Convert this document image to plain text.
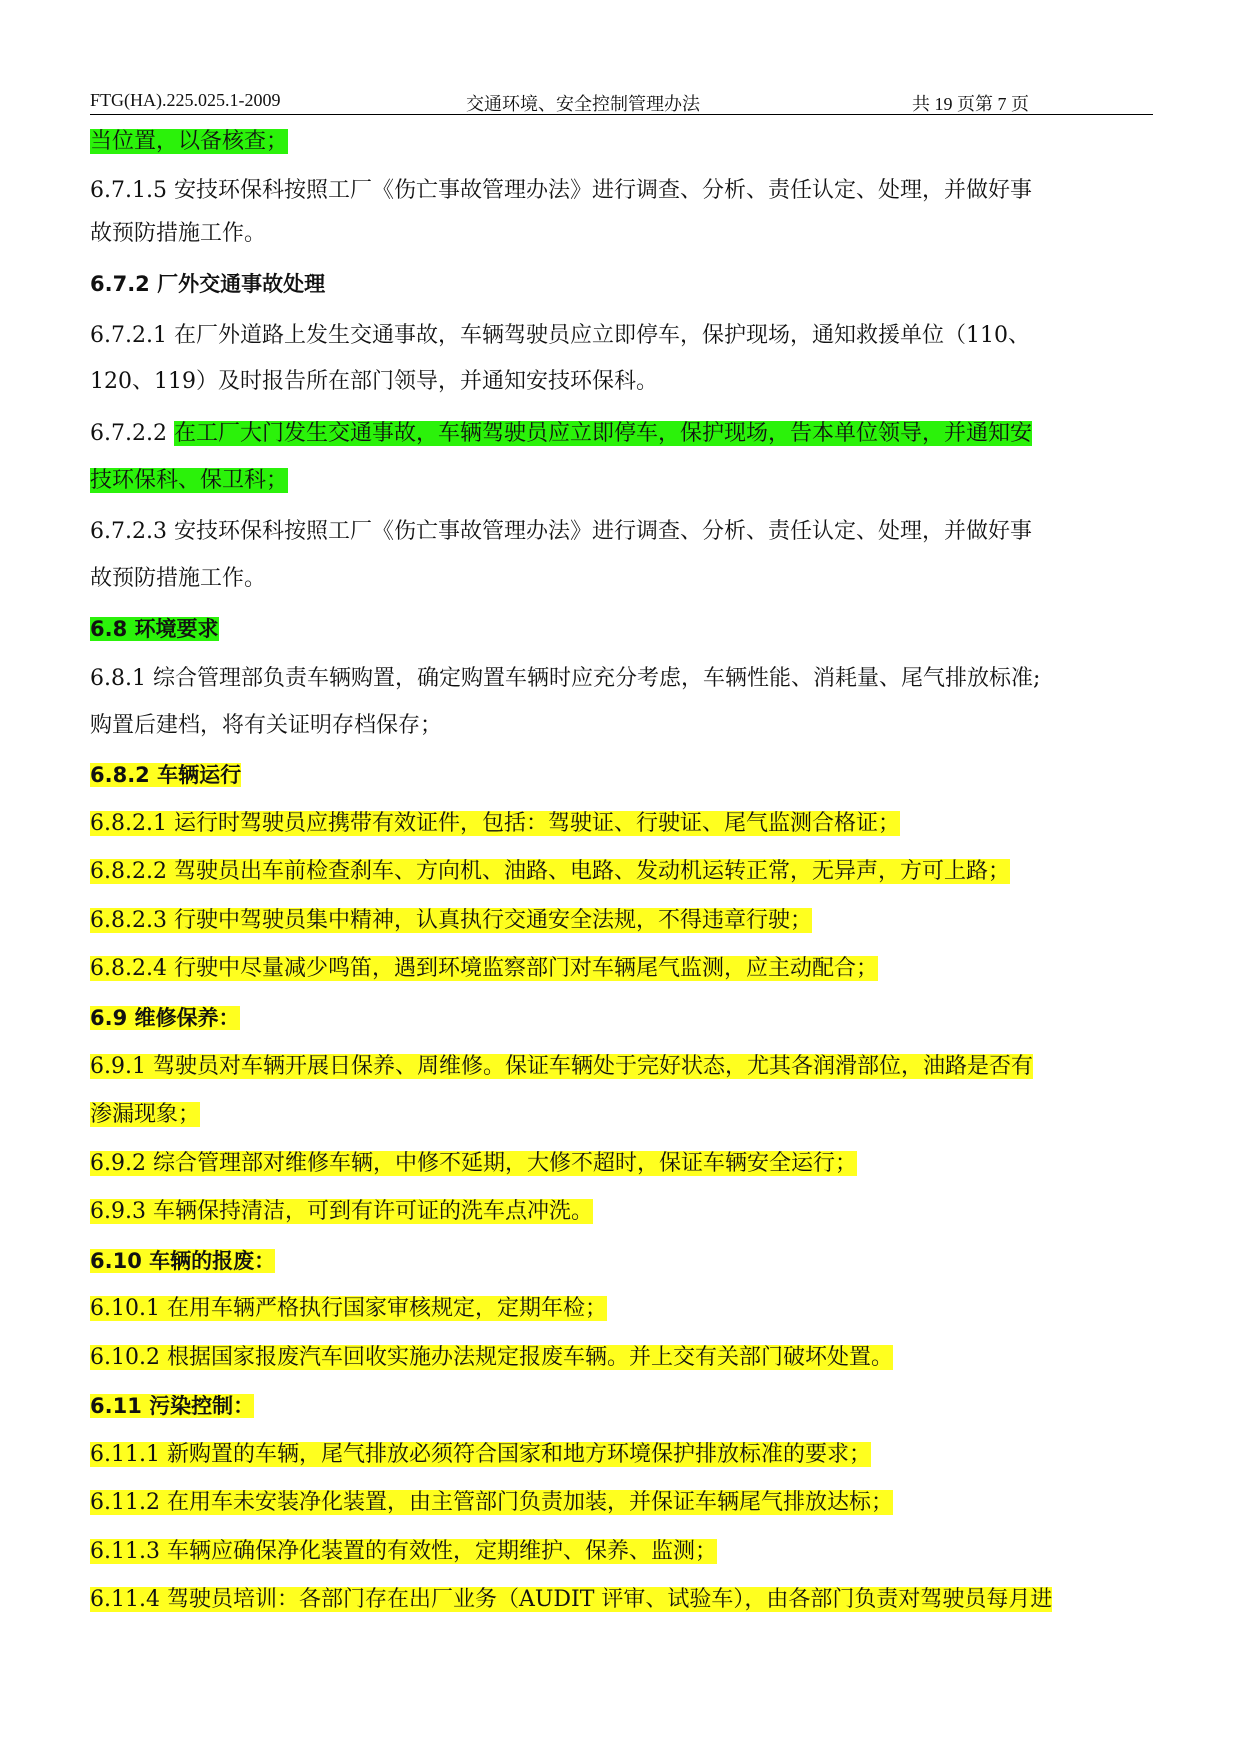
FTG(HA).225.025.1-2009	交通环境、安全控制管理办法	共 19 页第 7 页
当位置，以备核查；
6.7.1.5 安技环保科按照工厂《伤亡事故管理办法》进行调查、分析、责任认定、处理，并做好事
故预防措施工作。
6.7.2 厂外交通事故处理
6.7.2.1 在厂外道路上发生交通事故，车辆驾驶员应立即停车，保护现场，通知救援单位（110、
120、119）及时报告所在部门领导，并通知安技环保科。
6.7.2.2 在工厂大门发生交通事故，车辆驾驶员应立即停车，保护现场，告本单位领导，并通知安
技环保科、保卫科；
6.7.2.3 安技环保科按照工厂《伤亡事故管理办法》进行调查、分析、责任认定、处理，并做好事
故预防措施工作。
6.8 环境要求
6.8.1 综合管理部负责车辆购置，确定购置车辆时应充分考虑，车辆性能、消耗量、尾气排放标准;
购置后建档，将有关证明存档保存；
6.8.2 车辆运行
6.8.2.1 运行时驾驶员应携带有效证件，包括：驾驶证、行驶证、尾气监测合格证；
6.8.2.2 驾驶员出车前检查刹车、方向机、油路、电路、发动机运转正常，无异声，方可上路；
6.8.2.3 行驶中驾驶员集中精神，认真执行交通安全法规，不得违章行驶；
6.8.2.4 行驶中尽量减少鸣笛，遇到环境监察部门对车辆尾气监测，应主动配合；
6.9 维修保养：
6.9.1 驾驶员对车辆开展日保养、周维修。保证车辆处于完好状态，尤其各润滑部位，油路是否有
渗漏现象；
6.9.2 综合管理部对维修车辆，中修不延期，大修不超时，保证车辆安全运行；
6.9.3 车辆保持清洁，可到有许可证的洗车点冲洗。
6.10 车辆的报废：
6.10.1 在用车辆严格执行国家审核规定，定期年检；
6.10.2 根据国家报废汽车回收实施办法规定报废车辆。并上交有关部门破坏处置。
6.11 污染控制：
6.11.1 新购置的车辆，尾气排放必须符合国家和地方环境保护排放标准的要求；
6.11.2 在用车未安装净化装置，由主管部门负责加装，并保证车辆尾气排放达标；
6.11.3 车辆应确保净化装置的有效性，定期维护、保养、监测；
6.11.4 驾驶员培训：各部门存在出厂业务（AUDIT 评审、试验车），由各部门负责对驾驶员每月进
